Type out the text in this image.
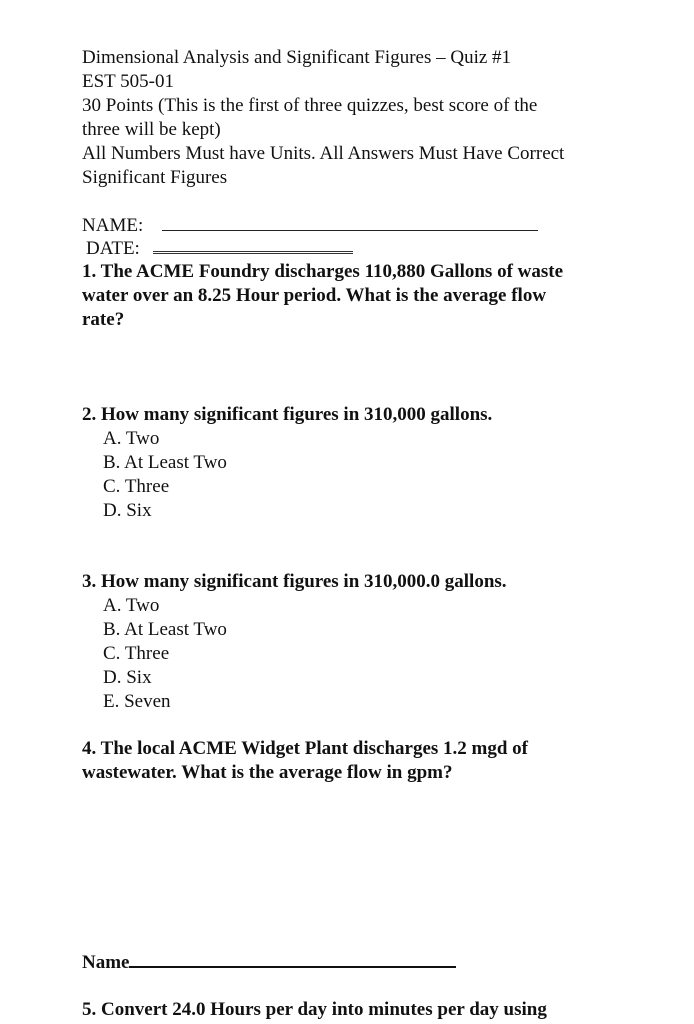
Dimensional Analysis and Significant Figures – Quiz #1
EST 505-01
30 Points (This is the first of three quizzes, best score of the
three will be kept)
All Numbers Must have Units. All Answers Must Have Correct
Significant Figures
NAME:
DATE:
1. The ACME Foundry discharges 110,880 Gallons of waste
water over an 8.25 Hour period. What is the average flow
rate?
2. How many significant figures in 310,000 gallons.
A. Two
B. At Least Two
C. Three
D. Six
3. How many significant figures in 310,000.0 gallons.
A. Two
B. At Least Two
C. Three
D. Six
E. Seven
4. The local ACME Widget Plant discharges 1.2 mgd of
wastewater. What is the average flow in gpm?
Name
5. Convert 24.0 Hours per day into minutes per day using
